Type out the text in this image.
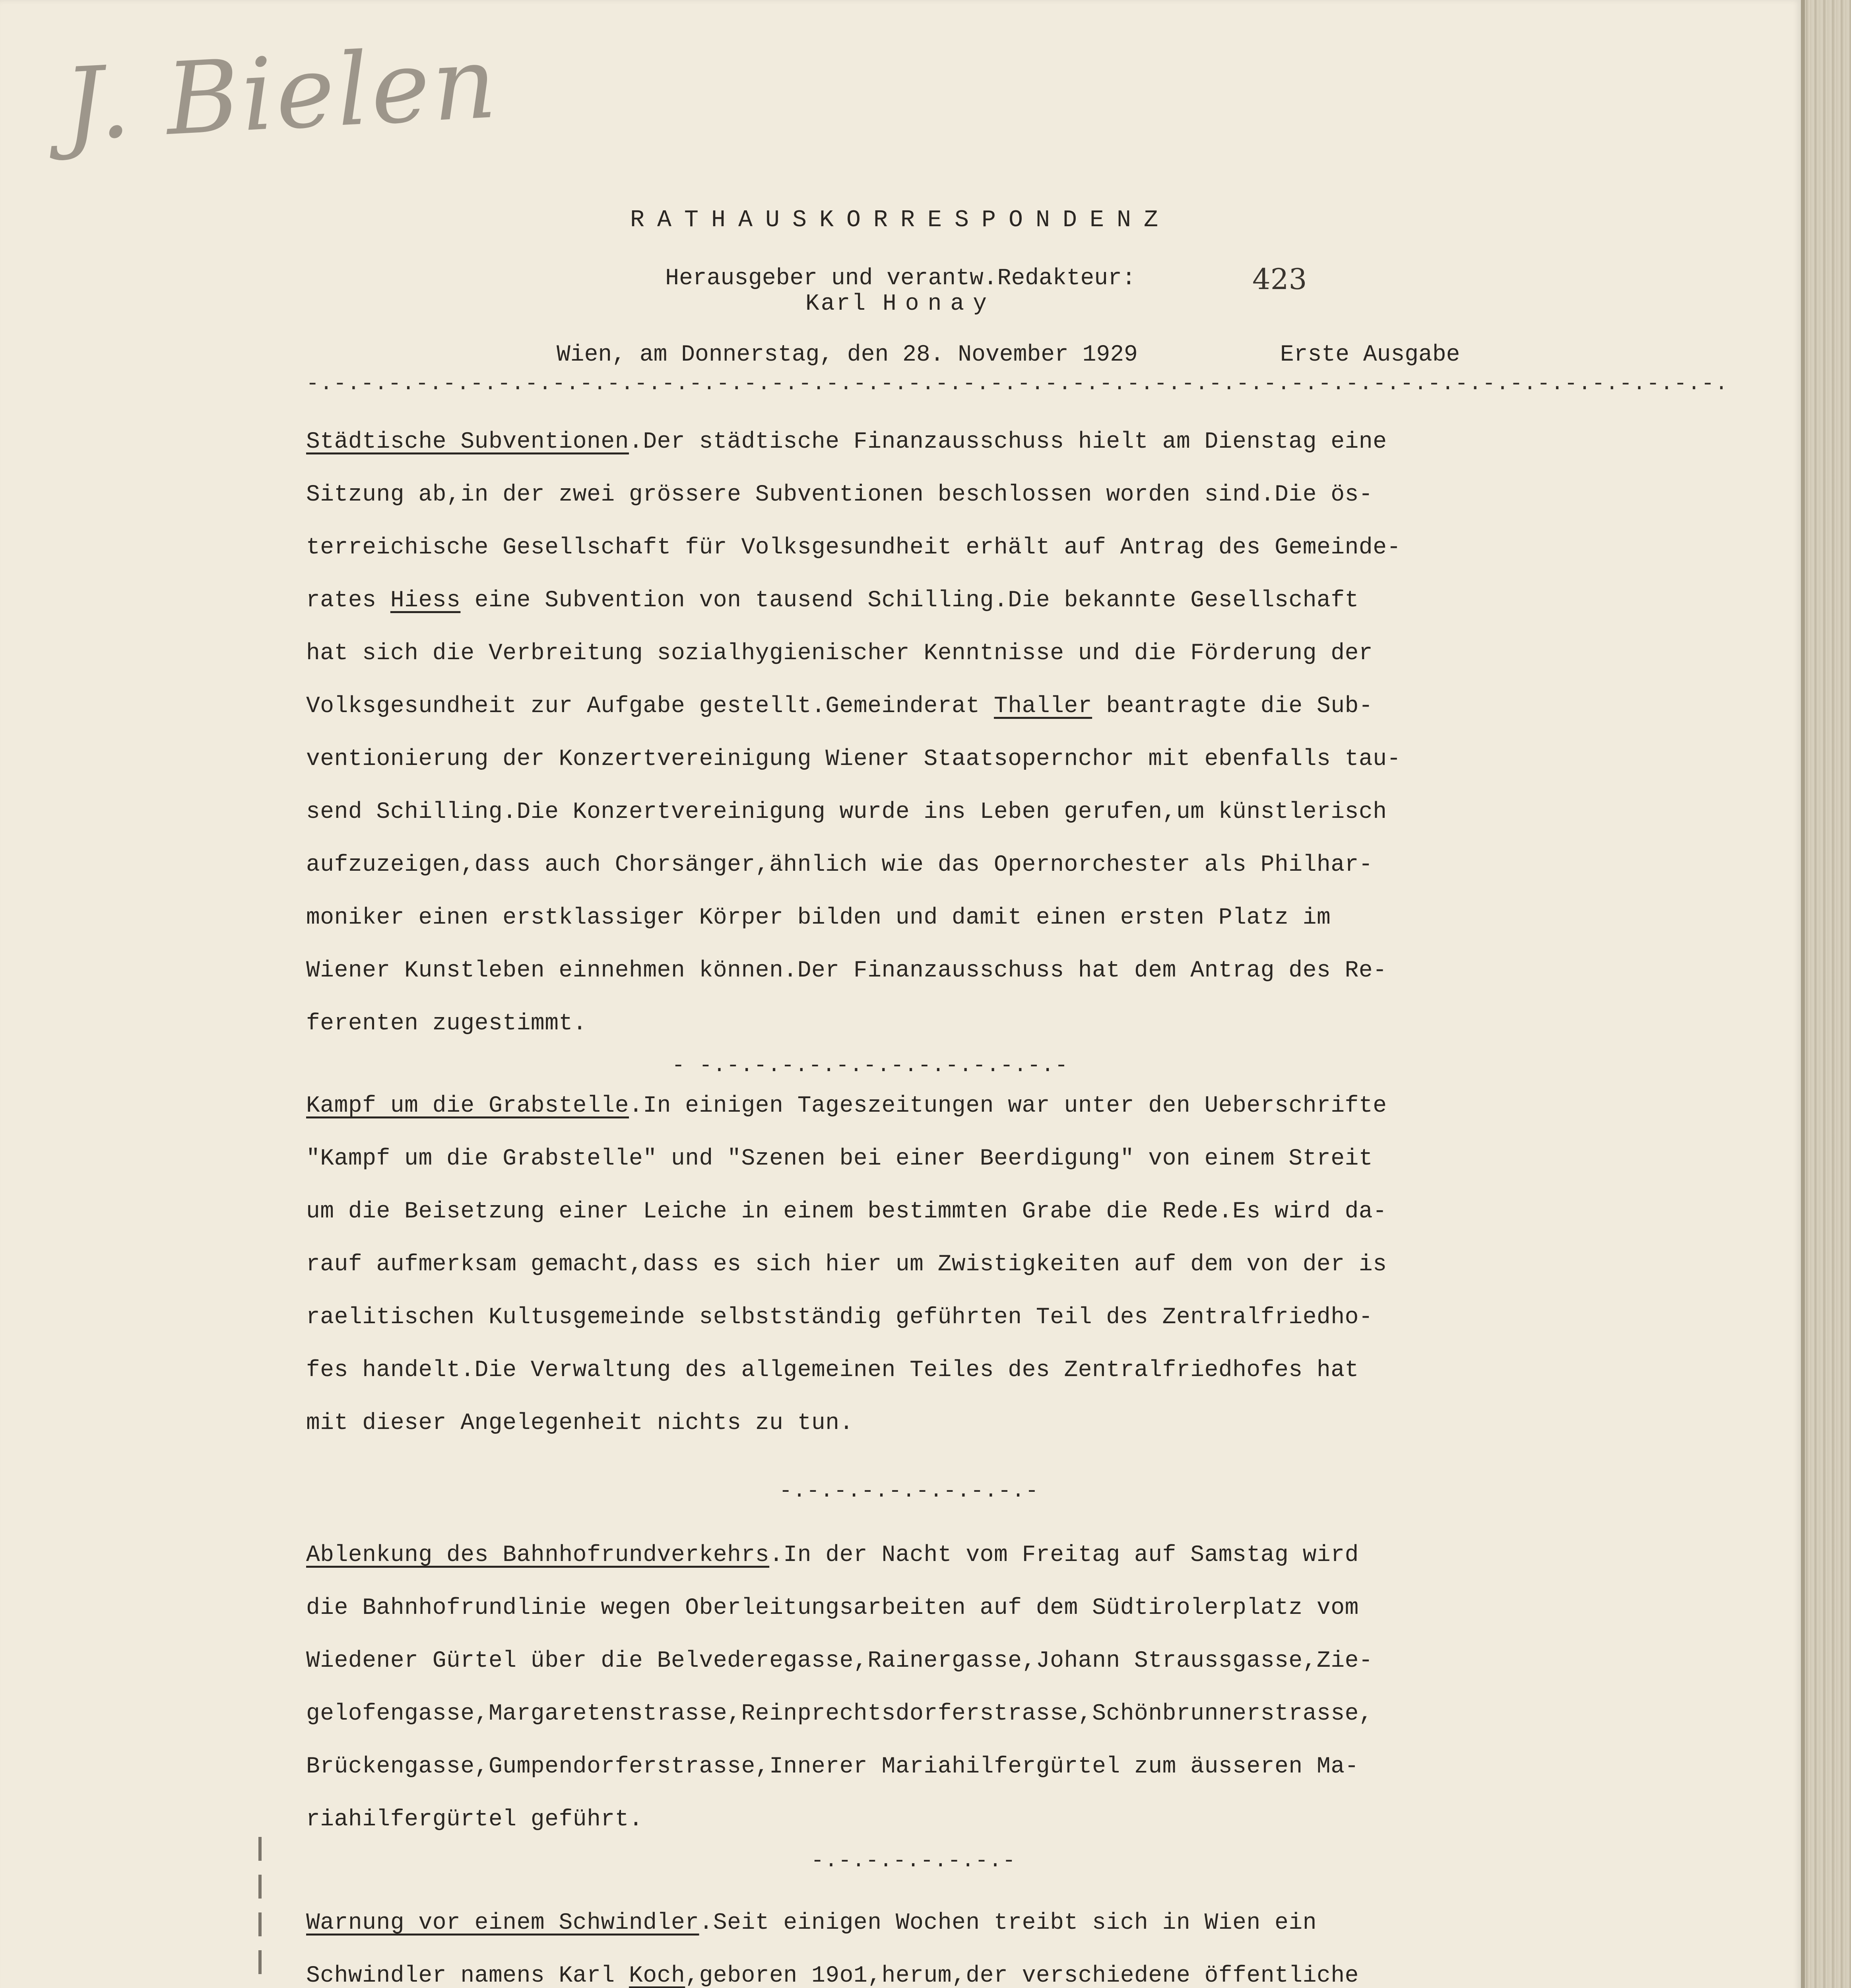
J. Bielen
RATHAUSKORRESPONDENZ
Herausgeber und verantw.Redakteur:
Karl Honay
423
Wien, am Donnerstag, den 28. November 1929	Erste Ausgabe
-.-.-.-.-.-.-.-.-.-.-.-.-.-.-.-.-.-.-.-.-.-.-.-.-.-.-.-.-.-.-.-.-.-.-.-.-.-.-.-.-.-.-.-.-.-.-.-.-.-.-.-.
Städtische Subventionen.Der städtische Finanzausschuss hielt am Dienstag eine
Sitzung ab,in der zwei grössere Subventionen beschlossen worden sind.Die ös-
terreichische Gesellschaft für Volksgesundheit erhält auf Antrag des Gemeinde-
rates Hiess eine Subvention von tausend Schilling.Die bekannte Gesellschaft
hat sich die Verbreitung sozialhygienischer Kenntnisse und die Förderung der
Volksgesundheit zur Aufgabe gestellt.Gemeinderat Thaller beantragte die Sub-
ventionierung der Konzertvereinigung Wiener Staatsopernchor mit ebenfalls tau-
send Schilling.Die Konzertvereinigung wurde ins Leben gerufen,um künstlerisch
aufzuzeigen,dass auch Chorsänger,ähnlich wie das Opernorchester als Philhar-
moniker einen erstklassiger Körper bilden und damit einen ersten Platz im
Wiener Kunstleben einnehmen können.Der Finanzausschuss hat dem Antrag des Re-
ferenten zugestimmt.
- -.-.-.-.-.-.-.-.-.-.-.-.-.-
Kampf um die Grabstelle.In einigen Tageszeitungen war unter den Ueberschrifte
"Kampf um die Grabstelle" und "Szenen bei einer Beerdigung" von einem Streit
um die Beisetzung einer Leiche in einem bestimmten Grabe die Rede.Es wird da-
rauf aufmerksam gemacht,dass es sich hier um Zwistigkeiten auf dem von der is
raelitischen Kultusgemeinde selbstständig geführten Teil des Zentralfriedho-
fes handelt.Die Verwaltung des allgemeinen Teiles des Zentralfriedhofes hat
mit dieser Angelegenheit nichts zu tun.
-.-.-.-.-.-.-.-.-.-
Ablenkung des Bahnhofrundverkehrs.In der Nacht vom Freitag auf Samstag wird
die Bahnhofrundlinie wegen Oberleitungsarbeiten auf dem Südtirolerplatz vom
Wiedener Gürtel über die Belvederegasse,Rainergasse,Johann Straussgasse,Zie-
gelofengasse,Margaretenstrasse,Reinprechtsdorferstrasse,Schönbrunnerstrasse,
Brückengasse,Gumpendorferstrasse,Innerer Mariahilfergürtel zum äusseren Ma-
riahilfergürtel geführt.
-.-.-.-.-.-.-.-
Warnung vor einem Schwindler.Seit einigen Wochen treibt sich in Wien ein
Schwindler namens Karl Koch,geboren 19o1,herum,der verschiedene öffentliche
